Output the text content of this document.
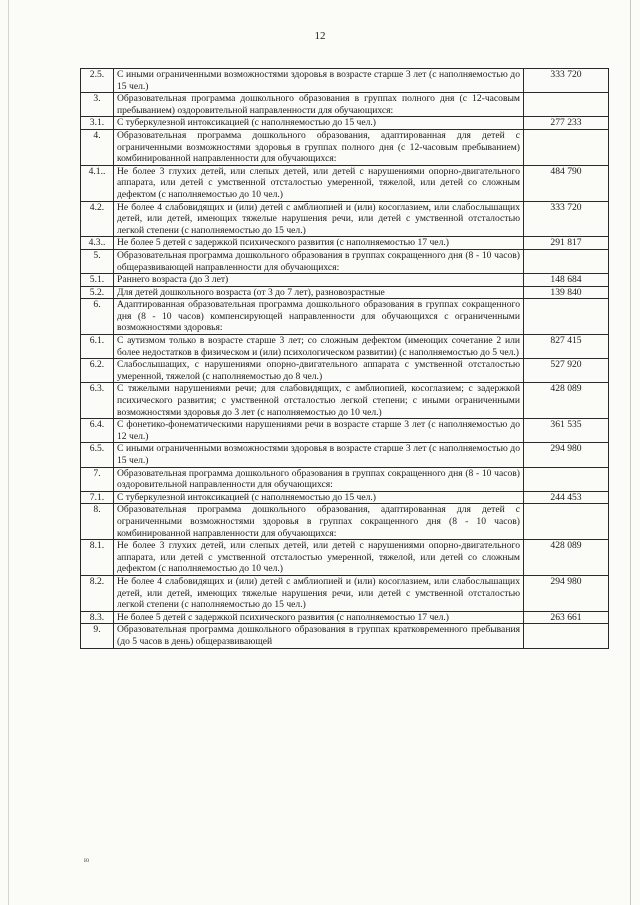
12
2.5.	С иными ограниченными возможностями здоровья в возрасте старше 3 лет (с наполняемостью до 15 чел.)	333 720
3.	Образовательная программа дошкольного образования в группах полного дня (с 12-часовым пребыванием) оздоровительной направленности для обучающихся:	
3.1.	С туберкулезной интоксикацией (с наполняемостью до 15 чел.)	277 233
4.	Образовательная программа дошкольного образования, адаптированная для детей с ограниченными возможностями здоровья в группах полного дня (с 12-часовым пребыванием) комбинированной направленности для обучающихся:	
4.1..	Не более 3 глухих детей, или слепых детей, или детей с нарушениями опорно-двигательного аппарата, или детей с умственной отсталостью умеренной, тяжелой, или детей со сложным дефектом (с наполняемостью до 10 чел.)	484 790
4.2.	Не более 4 слабовидящих и (или) детей с амблиопией и (или) косоглазием, или слабослышащих детей, или детей, имеющих тяжелые нарушения речи, или детей с умственной отсталостью легкой степени (с наполняемостью до 15 чел.)	333 720
4.3..	Не более 5 детей с задержкой психического развития (с наполняемостью 17 чел.)	291 817
5.	Образовательная программа дошкольного образования в группах сокращенного дня (8 - 10 часов) общеразвивающей направленности для обучающихся:	
5.1.	Раннего возраста (до 3 лет)	148 684
5.2.	Для детей дошкольного возраста (от 3 до 7 лет), разновозрастные	139 840
6.	Адаптированная образовательная программа дошкольного образования в группах сокращенного дня (8 - 10 часов) компенсирующей направленности для обучающихся с ограниченными возможностями здоровья:	
6.1.	С аутизмом только в возрасте старше 3 лет; со сложным дефектом (имеющих сочетание 2 или более недостатков в физическом и (или) психологическом развитии) (с наполняемостью до 5 чел.)	827 415
6.2.	Слабослышащих, с нарушениями опорно-двигательного аппарата с умственной отсталостью умеренной, тяжелой (с наполняемостью до 8 чел.)	527 920
6.3.	С тяжелыми нарушениями речи; для слабовидящих, с амблиопией, косоглазием; с задержкой психического развития; с умственной отсталостью легкой степени; с иными ограниченными возможностями здоровья до 3 лет (с наполняемостью до 10 чел.)	428 089
6.4.	С фонетико-фонематическими нарушениями речи в возрасте старше 3 лет (с наполняемостью до 12 чел.)	361 535
6.5.	С иными ограниченными возможностями здоровья в возрасте старше 3 лет (с наполняемостью до 15 чел.)	294 980
7.	Образовательная программа дошкольного образования в группах сокращенного дня (8 - 10 часов) оздоровительной направленности для обучающихся:	
7.1.	С туберкулезной интоксикацией (с наполняемостью до 15 чел.)	244 453
8.	Образовательная программа дошкольного образования, адаптированная для детей с ограниченными возможностями здоровья в группах сокращенного дня (8 - 10 часов) комбинированной направленности для обучающихся:	
8.1.	Не более 3 глухих детей, или слепых детей, или детей с нарушениями опорно-двигательного аппарата, или детей с умственной отсталостью умеренной, тяжелой, или детей со сложным дефектом (с наполняемостью до 10 чел.)	428 089
8.2.	Не более 4 слабовидящих и (или) детей с амблиопией и (или) косоглазием, или слабослышащих детей, или детей, имеющих тяжелые нарушения речи, или детей с умственной отсталостью легкой степени (с наполняемостью до 15 чел.)	294 980
8.3.	Не более 5 детей с задержкой психического развития (с наполняемостью 17 чел.)	263 661
9.	Образовательная программа дошкольного образования в группах кратковременного пребывания (до 5 часов в день) общеразвивающей	
ю
